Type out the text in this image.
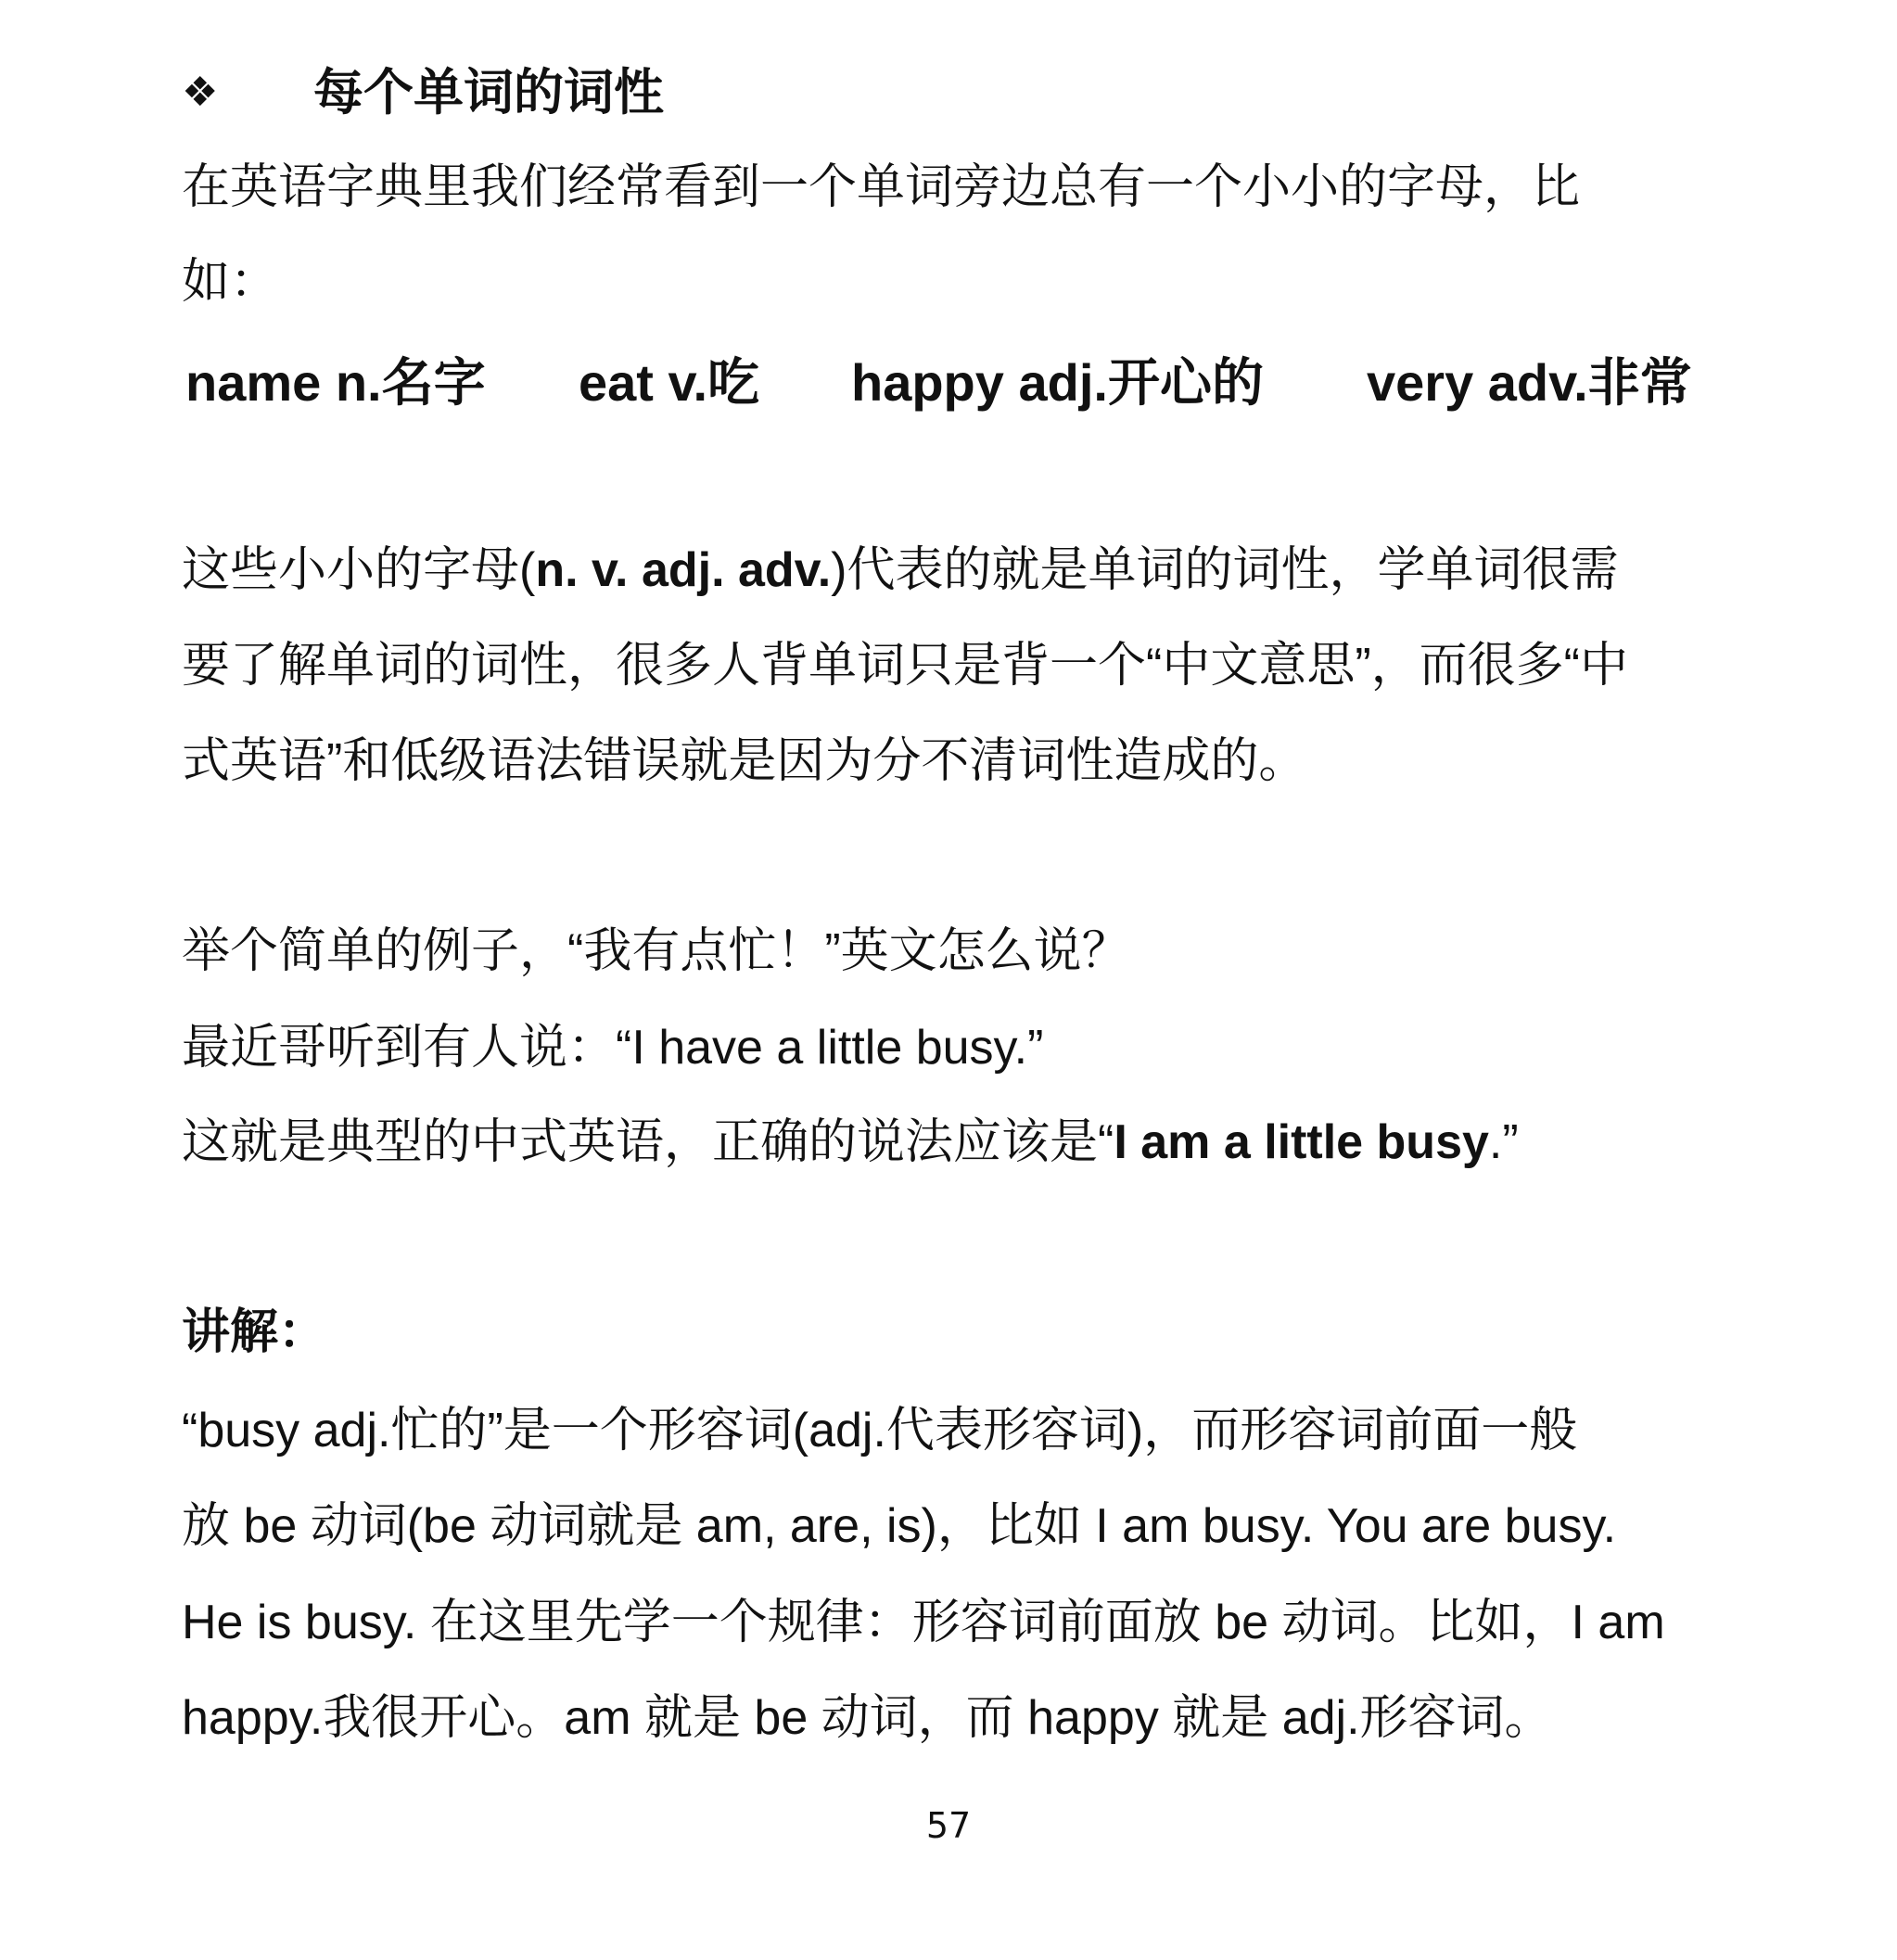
❖ 每个单词的词性
在英语字典里我们经常看到一个单词旁边总有一个小小的字母，比
如：
name n.名字 eat v.吃 happy adj.开心的 very adv.非常
这些小小的字母(n. v. adj. adv.)代表的就是单词的词性，学单词很需
要了解单词的词性，很多人背单词只是背一个“中文意思”，而很多“中
式英语”和低级语法错误就是因为分不清词性造成的。
举个简单的例子，“我有点忙！”英文怎么说？
最近哥听到有人说：“I have a little busy.”
这就是典型的中式英语，正确的说法应该是“I am a little busy.”
讲解：
“busy adj.忙的”是一个形容词(adj.代表形容词)，而形容词前面一般
放 be 动词(be 动词就是 am, are, is)，比如 I am busy. You are busy.
He is busy. 在这里先学一个规律：形容词前面放 be 动词。比如，I am
happy.我很开心。am 就是 be 动词，而 happy 就是 adj.形容词。
57
